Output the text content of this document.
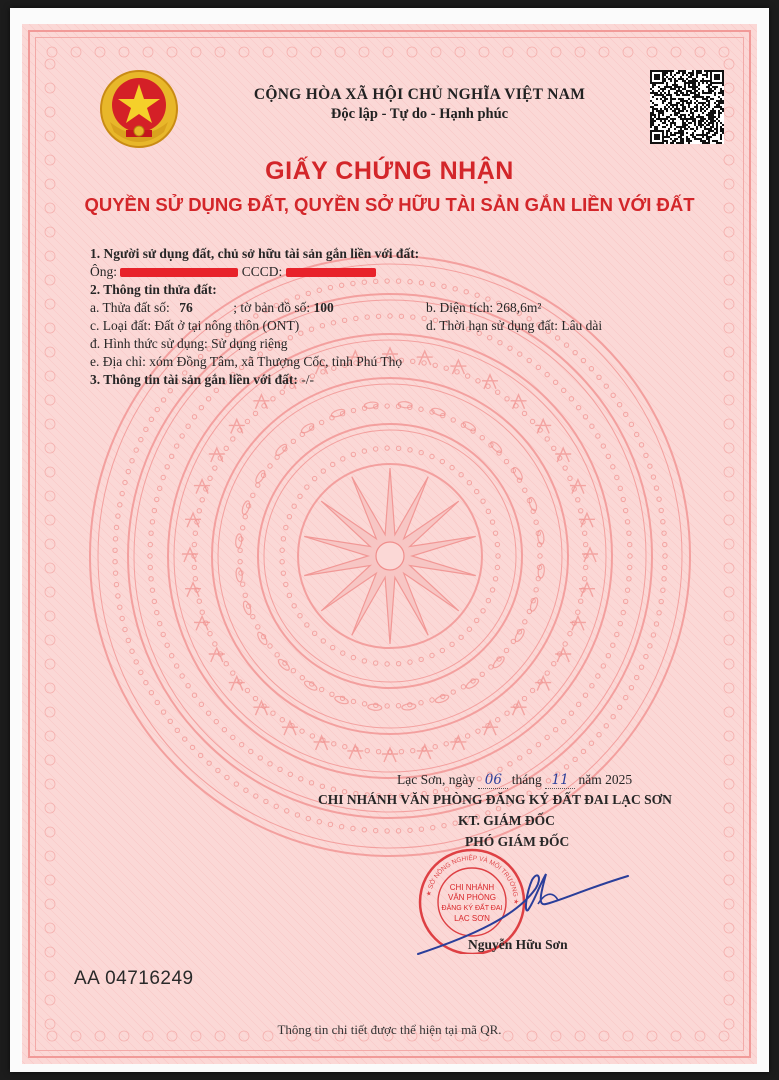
CỘNG HÒA XÃ HỘI CHỦ NGHĨA VIỆT NAM
Độc lập - Tự do - Hạnh phúc
GIẤY CHỨNG NHẬN
QUYỀN SỬ DỤNG ĐẤT, QUYỀN SỞ HỮU TÀI SẢN GẮN LIỀN VỚI ĐẤT
1. Người sử dụng đất, chủ sở hữu tài sản gắn liền với đất:
Ông:	CCCD:
2. Thông tin thửa đất:
a. Thửa đất số: 76	; tờ bản đồ số: 100	b. Diện tích: 268,6m²
c. Loại đất: Đất ở tại nông thôn (ONT)	d. Thời hạn sử dụng đất: Lâu dài
đ. Hình thức sử dụng: Sử dụng riêng
e. Địa chỉ: xóm Đồng Tâm, xã Thượng Cốc, tỉnh Phú Thọ
3. Thông tin tài sản gắn liền với đất: -/-
Lạc Sơn, ngày 06 tháng 11 năm 2025
CHI NHÁNH VĂN PHÒNG ĐĂNG KÝ ĐẤT ĐAI LẠC SƠN
KT. GIÁM ĐỐC
PHÓ GIÁM ĐỐC
★ SỞ NÔNG NGHIỆP VÀ MÔI TRƯỜNG ★
CHI NHÁNH
VĂN PHÒNG
ĐĂNG KÝ ĐẤT ĐAI
LẠC SƠN
Nguyễn Hữu Sơn
AA 04716249
Thông tin chi tiết được thể hiện tại mã QR.
